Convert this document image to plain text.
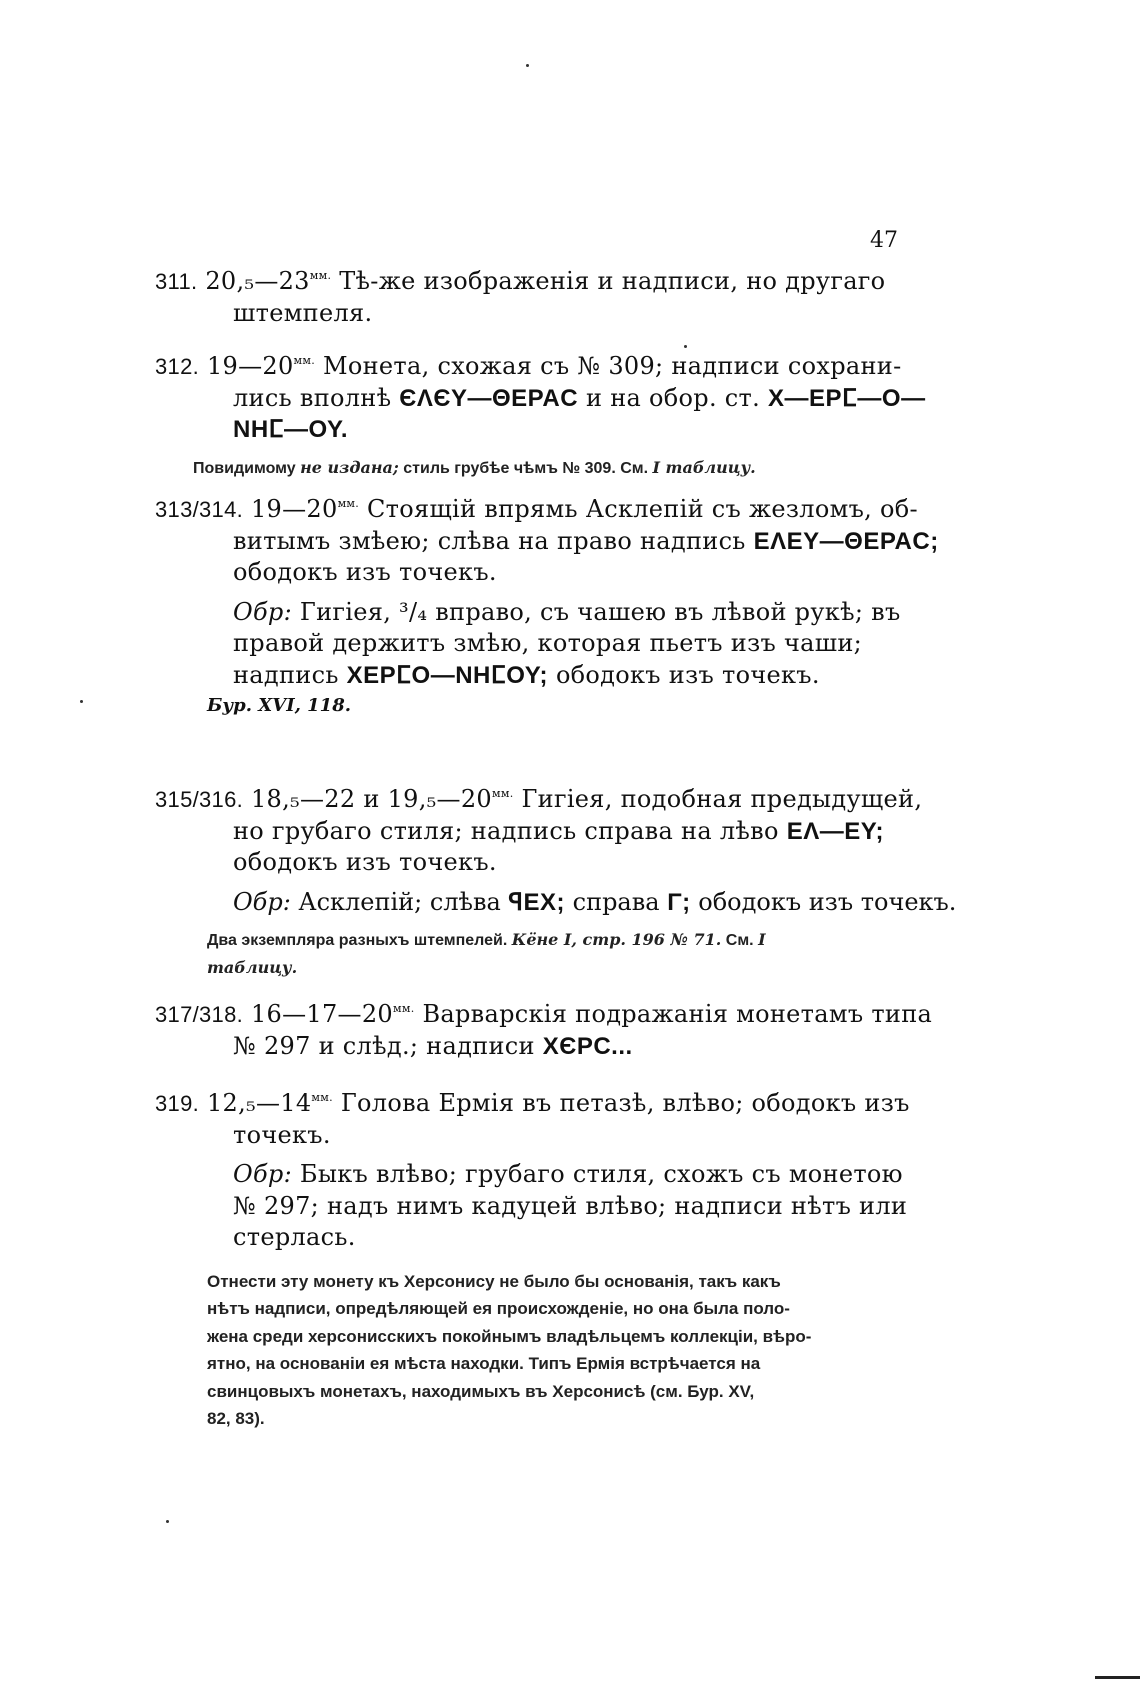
47
311. $20,_5—23^{мм.}$ Тѣ-же изображенія и надписи, но другаго
штемпеля.
312. $19—20^{мм.}$ Монета, схожая съ № 309; надписи сохрани-
лись вполнѣ ЄΛЄΥ—ΘΕΡΑC и на обор. ст. Χ—ΕΡⵎ—Ο—
ΝΗⵎ—ΟΥ.
Повидимому не издана; стиль грубѣе чѣмъ № 309. См. I таблицу.
313/314. $19—20^{мм.}$ Стоящій впрямь Асклепій съ жезломъ, об-
витымъ змѣею; слѣва на право надпись ΕΛΕΥ—ΘΕΡΑC;
ободокъ изъ точекъ.
Обр: Гигіея, ³/₄ вправо, съ чашею въ лѣвой рукѣ; въ
правой держитъ змѣю, которая пьетъ изъ чаши;
надпись ΧΕΡⵎΟ—ΝΗⵎΟΥ; ободокъ изъ точекъ.
Бур. XVI, 118.
315/316. 18,₅—22 и $19,_5—20^{мм.}$ Гигіея, подобная предыдущей,
но грубаго стиля; надпись справа на лѣво ΕΛ—ΕΥ;
ободокъ изъ точекъ.
Обр: Асклепій; слѣва ꟼΕΧ; справа Γ; ободокъ изъ точекъ.
Два экземпляра разныхъ штемпелей. Кёне I, стр. 196 № 71. См. I таблицу.
317/318. $16—17—20^{мм.}$ Варварскія подражанія монетамъ типа
№ 297 и слѣд.; надписи ΧЄΡC...
319. $12,_5—14^{мм.}$ Голова Ермія въ петазѣ, влѣво; ободокъ изъ
точекъ.
Обр: Быкъ влѣво; грубаго стиля, схожъ съ монетою
№ 297; надъ нимъ кадуцей влѣво; надписи нѣтъ или
стерлась.
Отнести эту монету къ Херсонису не было бы основанія, такъ какъ
нѣтъ надписи, опредѣляющей ея происхожденіе, но она была поло-
жена среди херсонисскихъ покойнымъ владѣльцемъ коллекціи, вѣро-
ятно, на основаніи ея мѣста находки. Типъ Ермія встрѣчается на
свинцовыхъ монетахъ, находимыхъ въ Херсонисѣ (см. Бур. XV,
82, 83).
